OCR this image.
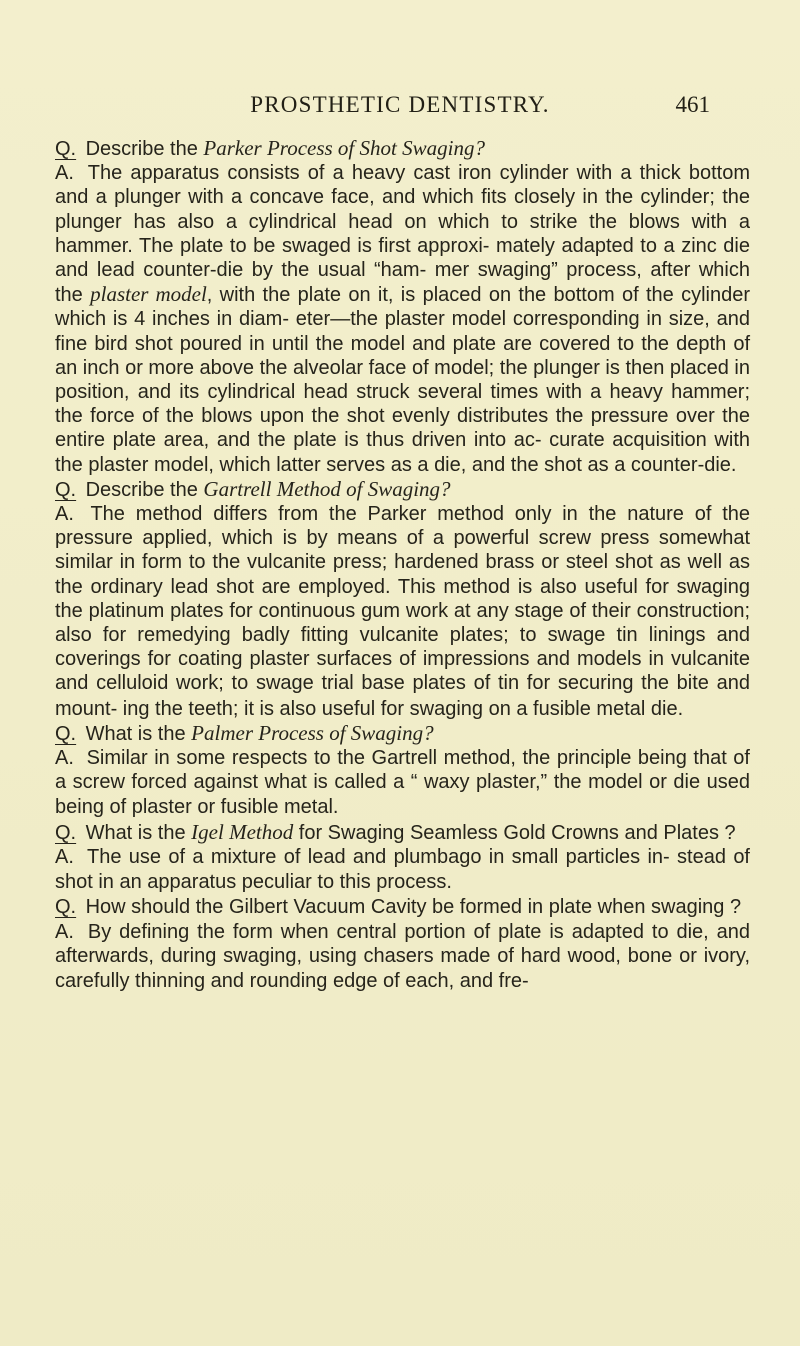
PROSTHETIC DENTISTRY.	461

Q. Describe the Parker Process of Shot Swaging?

A. The apparatus consists of a heavy cast iron cylinder with a thick bottom and a plunger with a concave face, and which fits closely in the cylinder; the plunger has also a cylindrical head on which to strike the blows with a hammer. The plate to be swaged is first approxi- mately adapted to a zinc die and lead counter-die by the usual “ham- mer swaging” process, after which the plaster model, with the plate on it, is placed on the bottom of the cylinder which is 4 inches in diam- eter—the plaster model corresponding in size, and fine bird shot poured in until the model and plate are covered to the depth of an inch or more above the alveolar face of model; the plunger is then placed in position, and its cylindrical head struck several times with a heavy hammer; the force of the blows upon the shot evenly distributes the pressure over the entire plate area, and the plate is thus driven into ac- curate acquisition with the plaster model, which latter serves as a die, and the shot as a counter-die.

Q. Describe the Gartrell Method of Swaging?

A. The method differs from the Parker method only in the nature of the pressure applied, which is by means of a powerful screw press somewhat similar in form to the vulcanite press; hardened brass or steel shot as well as the ordinary lead shot are employed. This method is also useful for swaging the platinum plates for continuous gum work at any stage of their construction; also for remedying badly fitting vulcanite plates; to swage tin linings and coverings for coating plaster surfaces of impressions and models in vulcanite and celluloid work; to swage trial base plates of tin for securing the bite and mount- ing the teeth; it is also useful for swaging on a fusible metal die.

Q. What is the Palmer Process of Swaging?

A. Similar in some respects to the Gartrell method, the principle being that of a screw forced against what is called a “ waxy plaster,” the model or die used being of plaster or fusible metal.

Q. What is the Igel Method for Swaging Seamless Gold Crowns and Plates ?

A. The use of a mixture of lead and plumbago in small particles in- stead of shot in an apparatus peculiar to this process.

Q. How should the Gilbert Vacuum Cavity be formed in plate when swaging ?

A. By defining the form when central portion of plate is adapted to die, and afterwards, during swaging, using chasers made of hard wood, bone or ivory, carefully thinning and rounding edge of each, and fre-
